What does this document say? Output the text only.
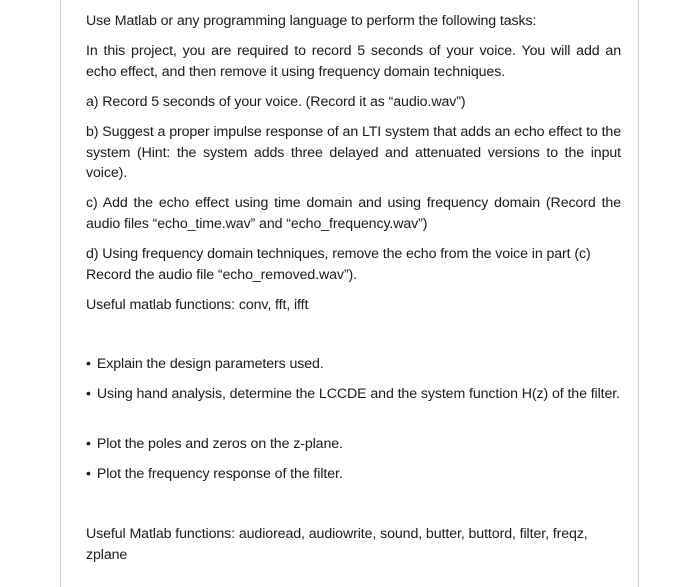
Use Matlab or any programming language to perform the following tasks:

In this project, you are required to record 5 seconds of your voice. You will add an echo effect, and then remove it using frequency domain techniques.

a) Record 5 seconds of your voice. (Record it as “audio.wav”)

b) Suggest a proper impulse response of an LTI system that adds an echo effect to the system (Hint: the system adds three delayed and attenuated versions to the input voice).

c) Add the echo effect using time domain and using frequency domain (Record the audio files “echo_time.wav” and “echo_frequency.wav”)

d) Using frequency domain techniques, remove the echo from the voice in part (c) Record the audio file “echo_removed.wav”).

Useful matlab functions: conv, fft, ifft

• Explain the design parameters used.

• Using hand analysis, determine the LCCDE and the system function H(z) of the filter.

• Plot the poles and zeros on the z-plane.

• Plot the frequency response of the filter.

Useful Matlab functions: audioread, audiowrite, sound, butter, buttord, filter, freqz, zplane
